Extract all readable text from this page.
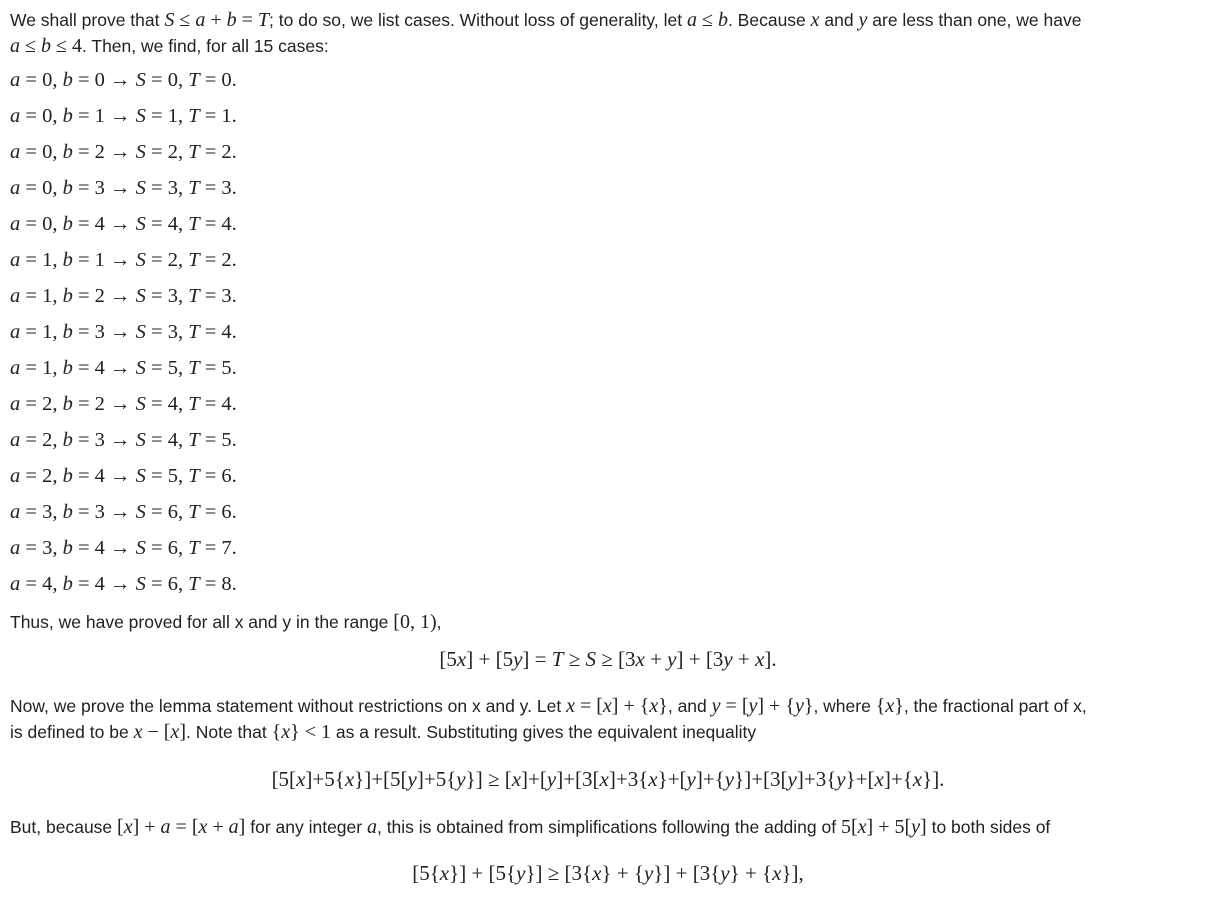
We shall prove that S ≤ a + b = T; to do so, we list cases. Without loss of generality, let a ≤ b. Because x and y are less than one, we have
a ≤ b ≤ 4. Then, we find, for all 15 cases:
a = 0, b = 0 → S = 0, T = 0.
a = 0, b = 1 → S = 1, T = 1.
a = 0, b = 2 → S = 2, T = 2.
a = 0, b = 3 → S = 3, T = 3.
a = 0, b = 4 → S = 4, T = 4.
a = 1, b = 1 → S = 2, T = 2.
a = 1, b = 2 → S = 3, T = 3.
a = 1, b = 3 → S = 3, T = 4.
a = 1, b = 4 → S = 5, T = 5.
a = 2, b = 2 → S = 4, T = 4.
a = 2, b = 3 → S = 4, T = 5.
a = 2, b = 4 → S = 5, T = 6.
a = 3, b = 3 → S = 6, T = 6.
a = 3, b = 4 → S = 6, T = 7.
a = 4, b = 4 → S = 6, T = 8.
Thus, we have proved for all x and y in the range [0, 1),
[5x] + [5y] = T ≥ S ≥ [3x + y] + [3y + x].
Now, we prove the lemma statement without restrictions on x and y. Let x = [x] + {x}, and y = [y] + {y}, where {x}, the fractional part of x,
is defined to be x − [x]. Note that {x} < 1 as a result. Substituting gives the equivalent inequality
[5[x]+5{x}]+[5[y]+5{y}] ≥ [x]+[y]+[3[x]+3{x}+[y]+{y}]+[3[y]+3{y}+[x]+{x}].
But, because [x] + a = [x + a] for any integer a, this is obtained from simplifications following the adding of 5[x] + 5[y] to both sides of
[5{x}] + [5{y}] ≥ [3{x} + {y}] + [3{y} + {x}],
